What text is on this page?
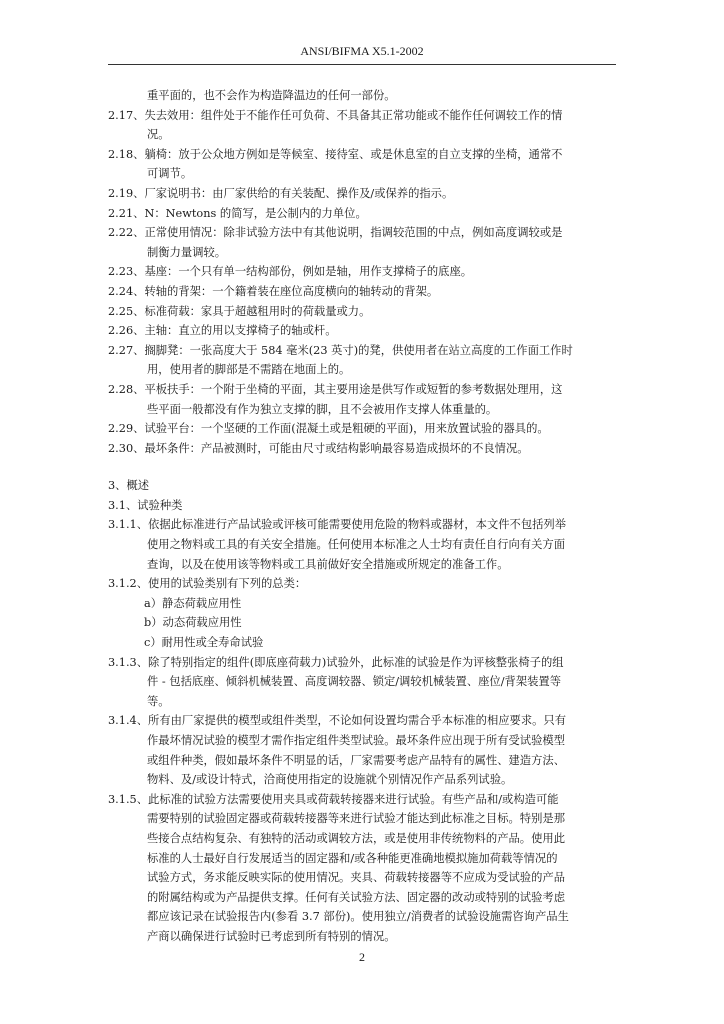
ANSI/BIFMA X5.1-2002
重平面的，也不会作为构造降温边的任何一部份。
2.17、失去效用：组件处于不能作任可负荷、不具备其正常功能或不能作任何调较工作的情
况。
2.18、躺椅：放于公众地方例如是等候室、接待室、或是休息室的自立支撑的坐椅，通常不
可调节。
2.19、厂家说明书：由厂家供给的有关装配、操作及/或保养的指示。
2.21、N：Newtons 的简写，是公制内的力单位。
2.22、正常使用情况：除非试验方法中有其他说明，指调较范围的中点，例如高度调较或是
制衡力量调较。
2.23、基座：一个只有单一结构部份，例如是轴，用作支撑椅子的底座。
2.24、转轴的背架：一个籍着装在座位高度横向的轴转动的背架。
2.25、标准荷载：家具于超越租用时的荷载量或力。
2.26、主轴：直立的用以支撑椅子的轴或杆。
2.27、搁脚凳：一张高度大于 584 毫米(23 英寸)的凳，供使用者在站立高度的工作面工作时
用，使用者的脚部是不需踏在地面上的。
2.28、平板扶手：一个附于坐椅的平面，其主要用途是供写作或短暂的参考数据处理用，这
些平面一般都没有作为独立支撑的脚，且不会被用作支撑人体重量的。
2.29、试验平台：一个坚硬的工作面(混凝土或是粗硬的平面)，用来放置试验的器具的。
2.30、最坏条件：产品被测时，可能由尺寸或结构影响最容易造成损坏的不良情况。
3、概述
3.1、试验种类
3.1.1、依据此标准进行产品试验或评核可能需要使用危险的物料或器材，本文件不包括列举
使用之物料或工具的有关安全措施。任何使用本标准之人士均有责任自行向有关方面
查询，以及在使用该等物料或工具前做好安全措施或所规定的准备工作。
3.1.2、使用的试验类别有下列的总类：
a）静态荷载应用性
b）动态荷载应用性
c）耐用性或全寿命试验
3.1.3、除了特别指定的组件(即底座荷载力)试验外，此标准的试验是作为评核整张椅子的组
件 - 包括底座、倾斜机械装置、高度调较器、锁定/调较机械装置、座位/背架装置等
等。
3.1.4、所有由厂家提供的模型或组件类型，不论如何设置均需合乎本标准的相应要求。只有
作最坏情况试验的模型才需作指定组件类型试验。最坏条件应出现于所有受试验模型
或组件种类，假如最坏条件不明显的话，厂家需要考虑产品特有的属性、建造方法、
物料、及/或设计特式，洽商使用指定的设施就个别情况作产品系列试验。
3.1.5、此标准的试验方法需要使用夹具或荷载转接器来进行试验。有些产品和/或构造可能
需要特别的试验固定器或荷载转接器等来进行试验才能达到此标准之目标。特别是那
些接合点结构复杂、有独特的活动或调较方法，或是使用非传统物料的产品。使用此
标准的人士最好自行发展适当的固定器和/或各种能更准确地模拟施加荷载等情况的
试验方式，务求能反映实际的使用情况。夹具、荷载转接器等不应成为受试验的产品
的附属结构或为产品提供支撑。任何有关试验方法、固定器的改动或特别的试验考虑
都应该记录在试验报告内(参看 3.7 部份)。使用独立/消费者的试验设施需咨询产品生
产商以确保进行试验时已考虑到所有特别的情况。
2
